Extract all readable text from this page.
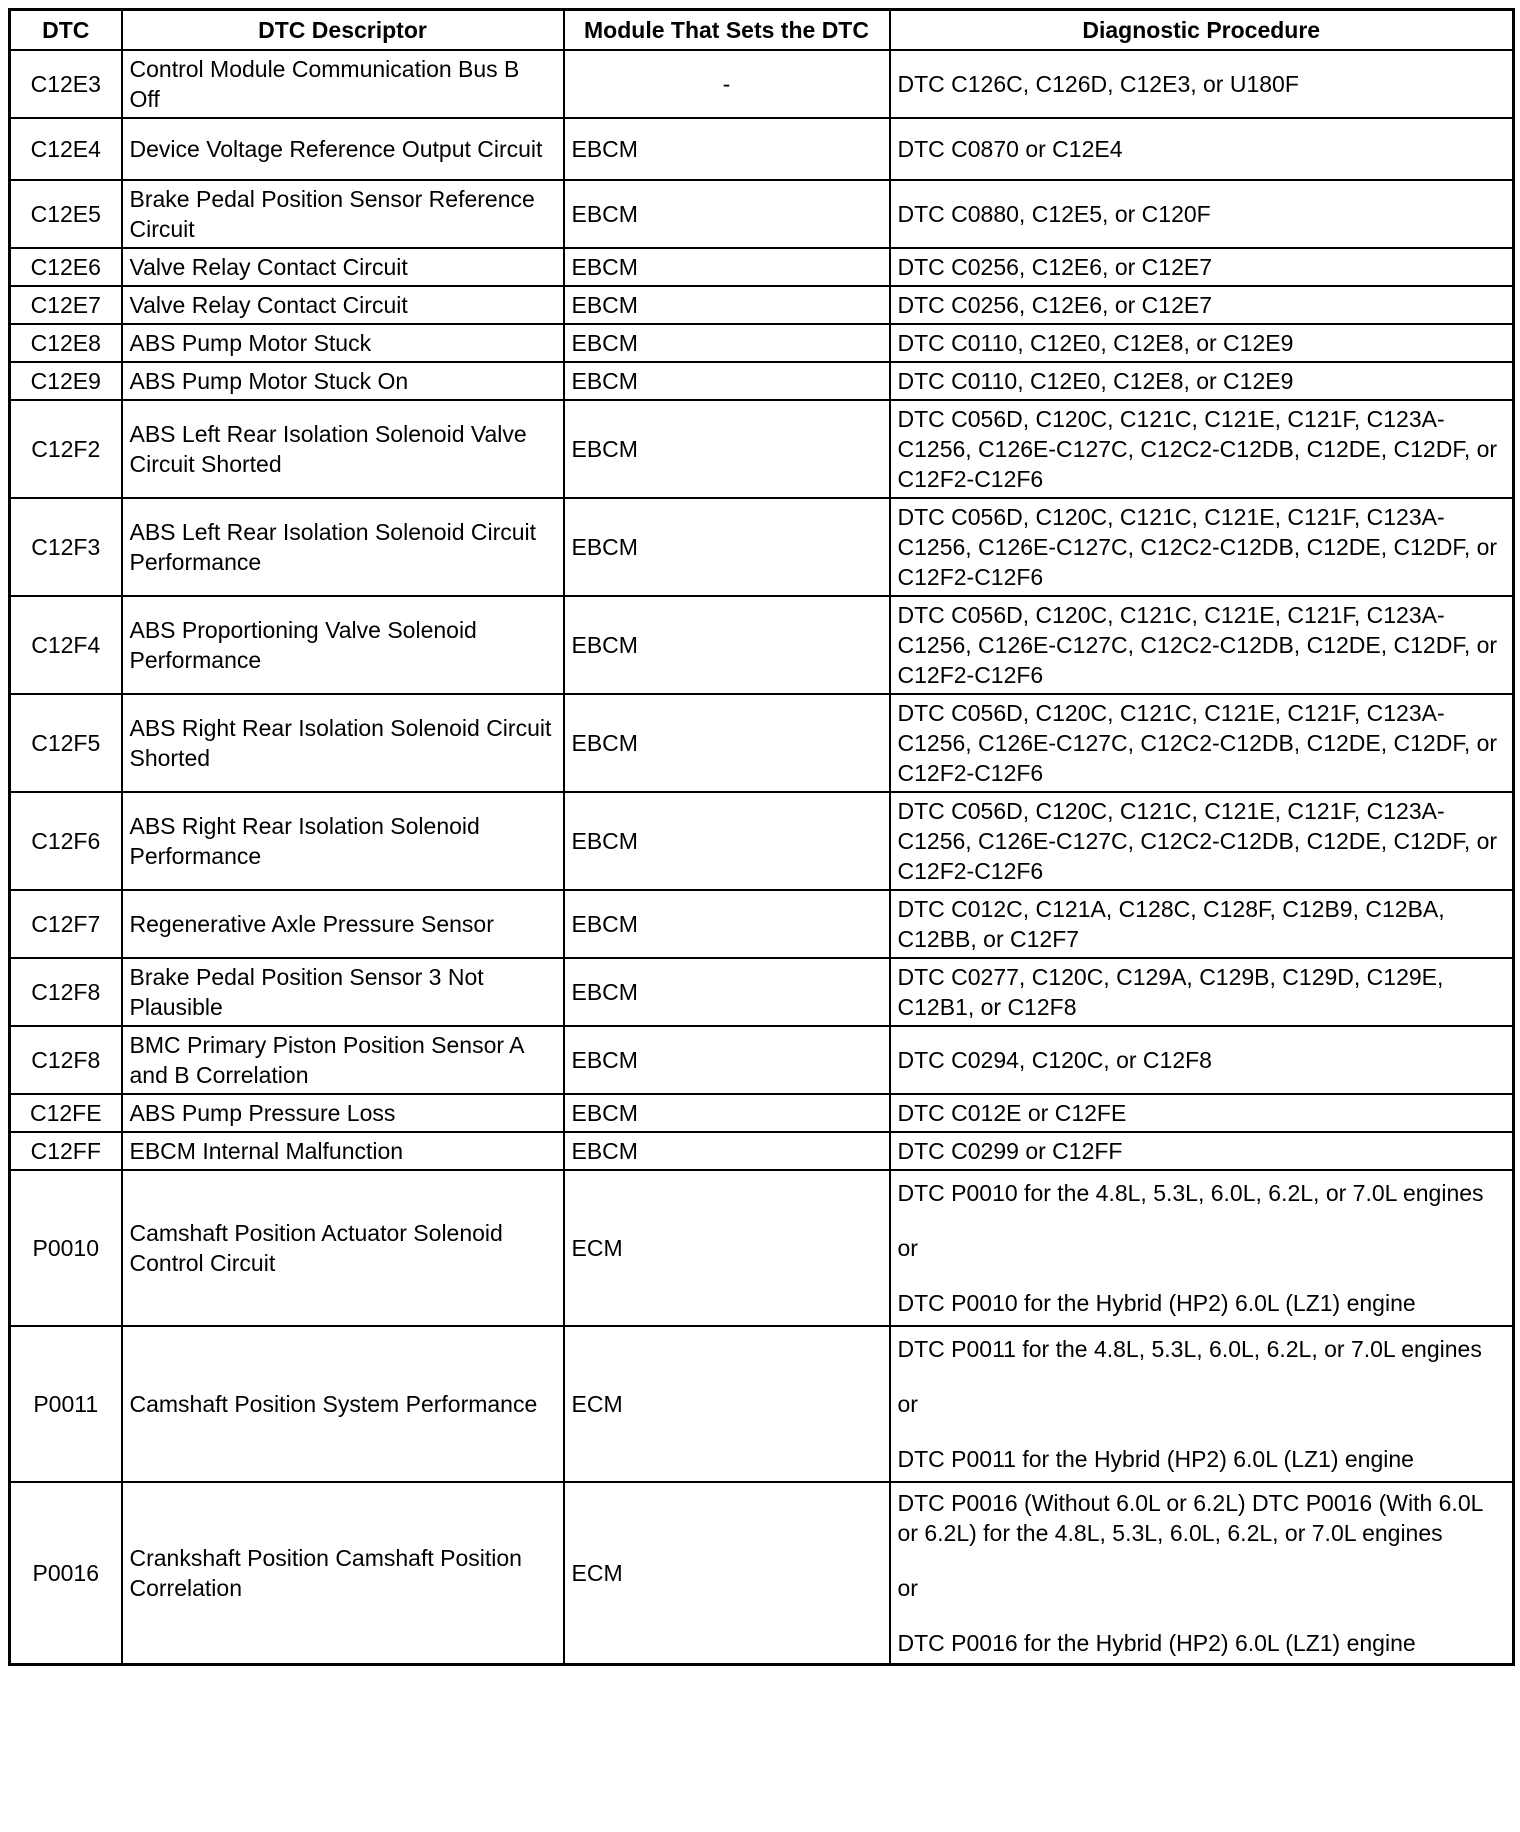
DTC	DTC Descriptor	Module That Sets the DTC	Diagnostic Procedure
C12E3	Control Module Communication Bus B Off	-	DTC C126C, C126D, C12E3, or U180F

C12E4	Device Voltage Reference Output Circuit	EBCM	DTC C0870 or C12E4

C12E5	Brake Pedal Position Sensor Reference Circuit	EBCM	DTC C0880, C12E5, or C120F

C12E6	Valve Relay Contact Circuit	EBCM	DTC C0256, C12E6, or C12E7

C12E7	Valve Relay Contact Circuit	EBCM	DTC C0256, C12E6, or C12E7

C12E8	ABS Pump Motor Stuck	EBCM	DTC C0110, C12E0, C12E8, or C12E9

C12E9	ABS Pump Motor Stuck On	EBCM	DTC C0110, C12E0, C12E8, or C12E9

C12F2	ABS Left Rear Isolation Solenoid Valve Circuit Shorted	EBCM	DTC C056D, C120C, C121C, C121E, C121F, C123A-C1256, C126E-C127C, C12C2-C12DB, C12DE, C12DF, or C12F2-C12F6

C12F3	ABS Left Rear Isolation Solenoid Circuit Performance	EBCM	DTC C056D, C120C, C121C, C121E, C121F, C123A-C1256, C126E-C127C, C12C2-C12DB, C12DE, C12DF, or C12F2-C12F6

C12F4	ABS Proportioning Valve Solenoid Performance	EBCM	DTC C056D, C120C, C121C, C121E, C121F, C123A-C1256, C126E-C127C, C12C2-C12DB, C12DE, C12DF, or C12F2-C12F6

C12F5	ABS Right Rear Isolation Solenoid Circuit Shorted	EBCM	DTC C056D, C120C, C121C, C121E, C121F, C123A-C1256, C126E-C127C, C12C2-C12DB, C12DE, C12DF, or C12F2-C12F6

C12F6	ABS Right Rear Isolation Solenoid Performance	EBCM	DTC C056D, C120C, C121C, C121E, C121F, C123A-C1256, C126E-C127C, C12C2-C12DB, C12DE, C12DF, or C12F2-C12F6

C12F7	Regenerative Axle Pressure Sensor	EBCM	DTC C012C, C121A, C128C, C128F, C12B9, C12BA, C12BB, or C12F7

C12F8	Brake Pedal Position Sensor 3 Not Plausible	EBCM	DTC C0277, C120C, C129A, C129B, C129D, C129E, C12B1, or C12F8

C12F8	BMC Primary Piston Position Sensor A and B Correlation	EBCM	DTC C0294, C120C, or C12F8

C12FE	ABS Pump Pressure Loss	EBCM	DTC C012E or C12FE

C12FF	EBCM Internal Malfunction	EBCM	DTC C0299 or C12FF

P0010	Camshaft Position Actuator Solenoid Control Circuit	ECM	DTC P0010 for the 4.8L, 5.3L, 6.0L, 6.2L, or 7.0L engines
or
DTC P0010 for the Hybrid (HP2) 6.0L (LZ1) engine

P0011	Camshaft Position System Performance	ECM	DTC P0011 for the 4.8L, 5.3L, 6.0L, 6.2L, or 7.0L engines
or
DTC P0011 for the Hybrid (HP2) 6.0L (LZ1) engine

P0016	Crankshaft Position Camshaft Position Correlation	ECM	DTC P0016 (Without 6.0L or 6.2L) DTC P0016 (With 6.0L or 6.2L) for the 4.8L, 5.3L, 6.0L, 6.2L, or 7.0L engines
or
DTC P0016 for the Hybrid (HP2) 6.0L (LZ1) engine
